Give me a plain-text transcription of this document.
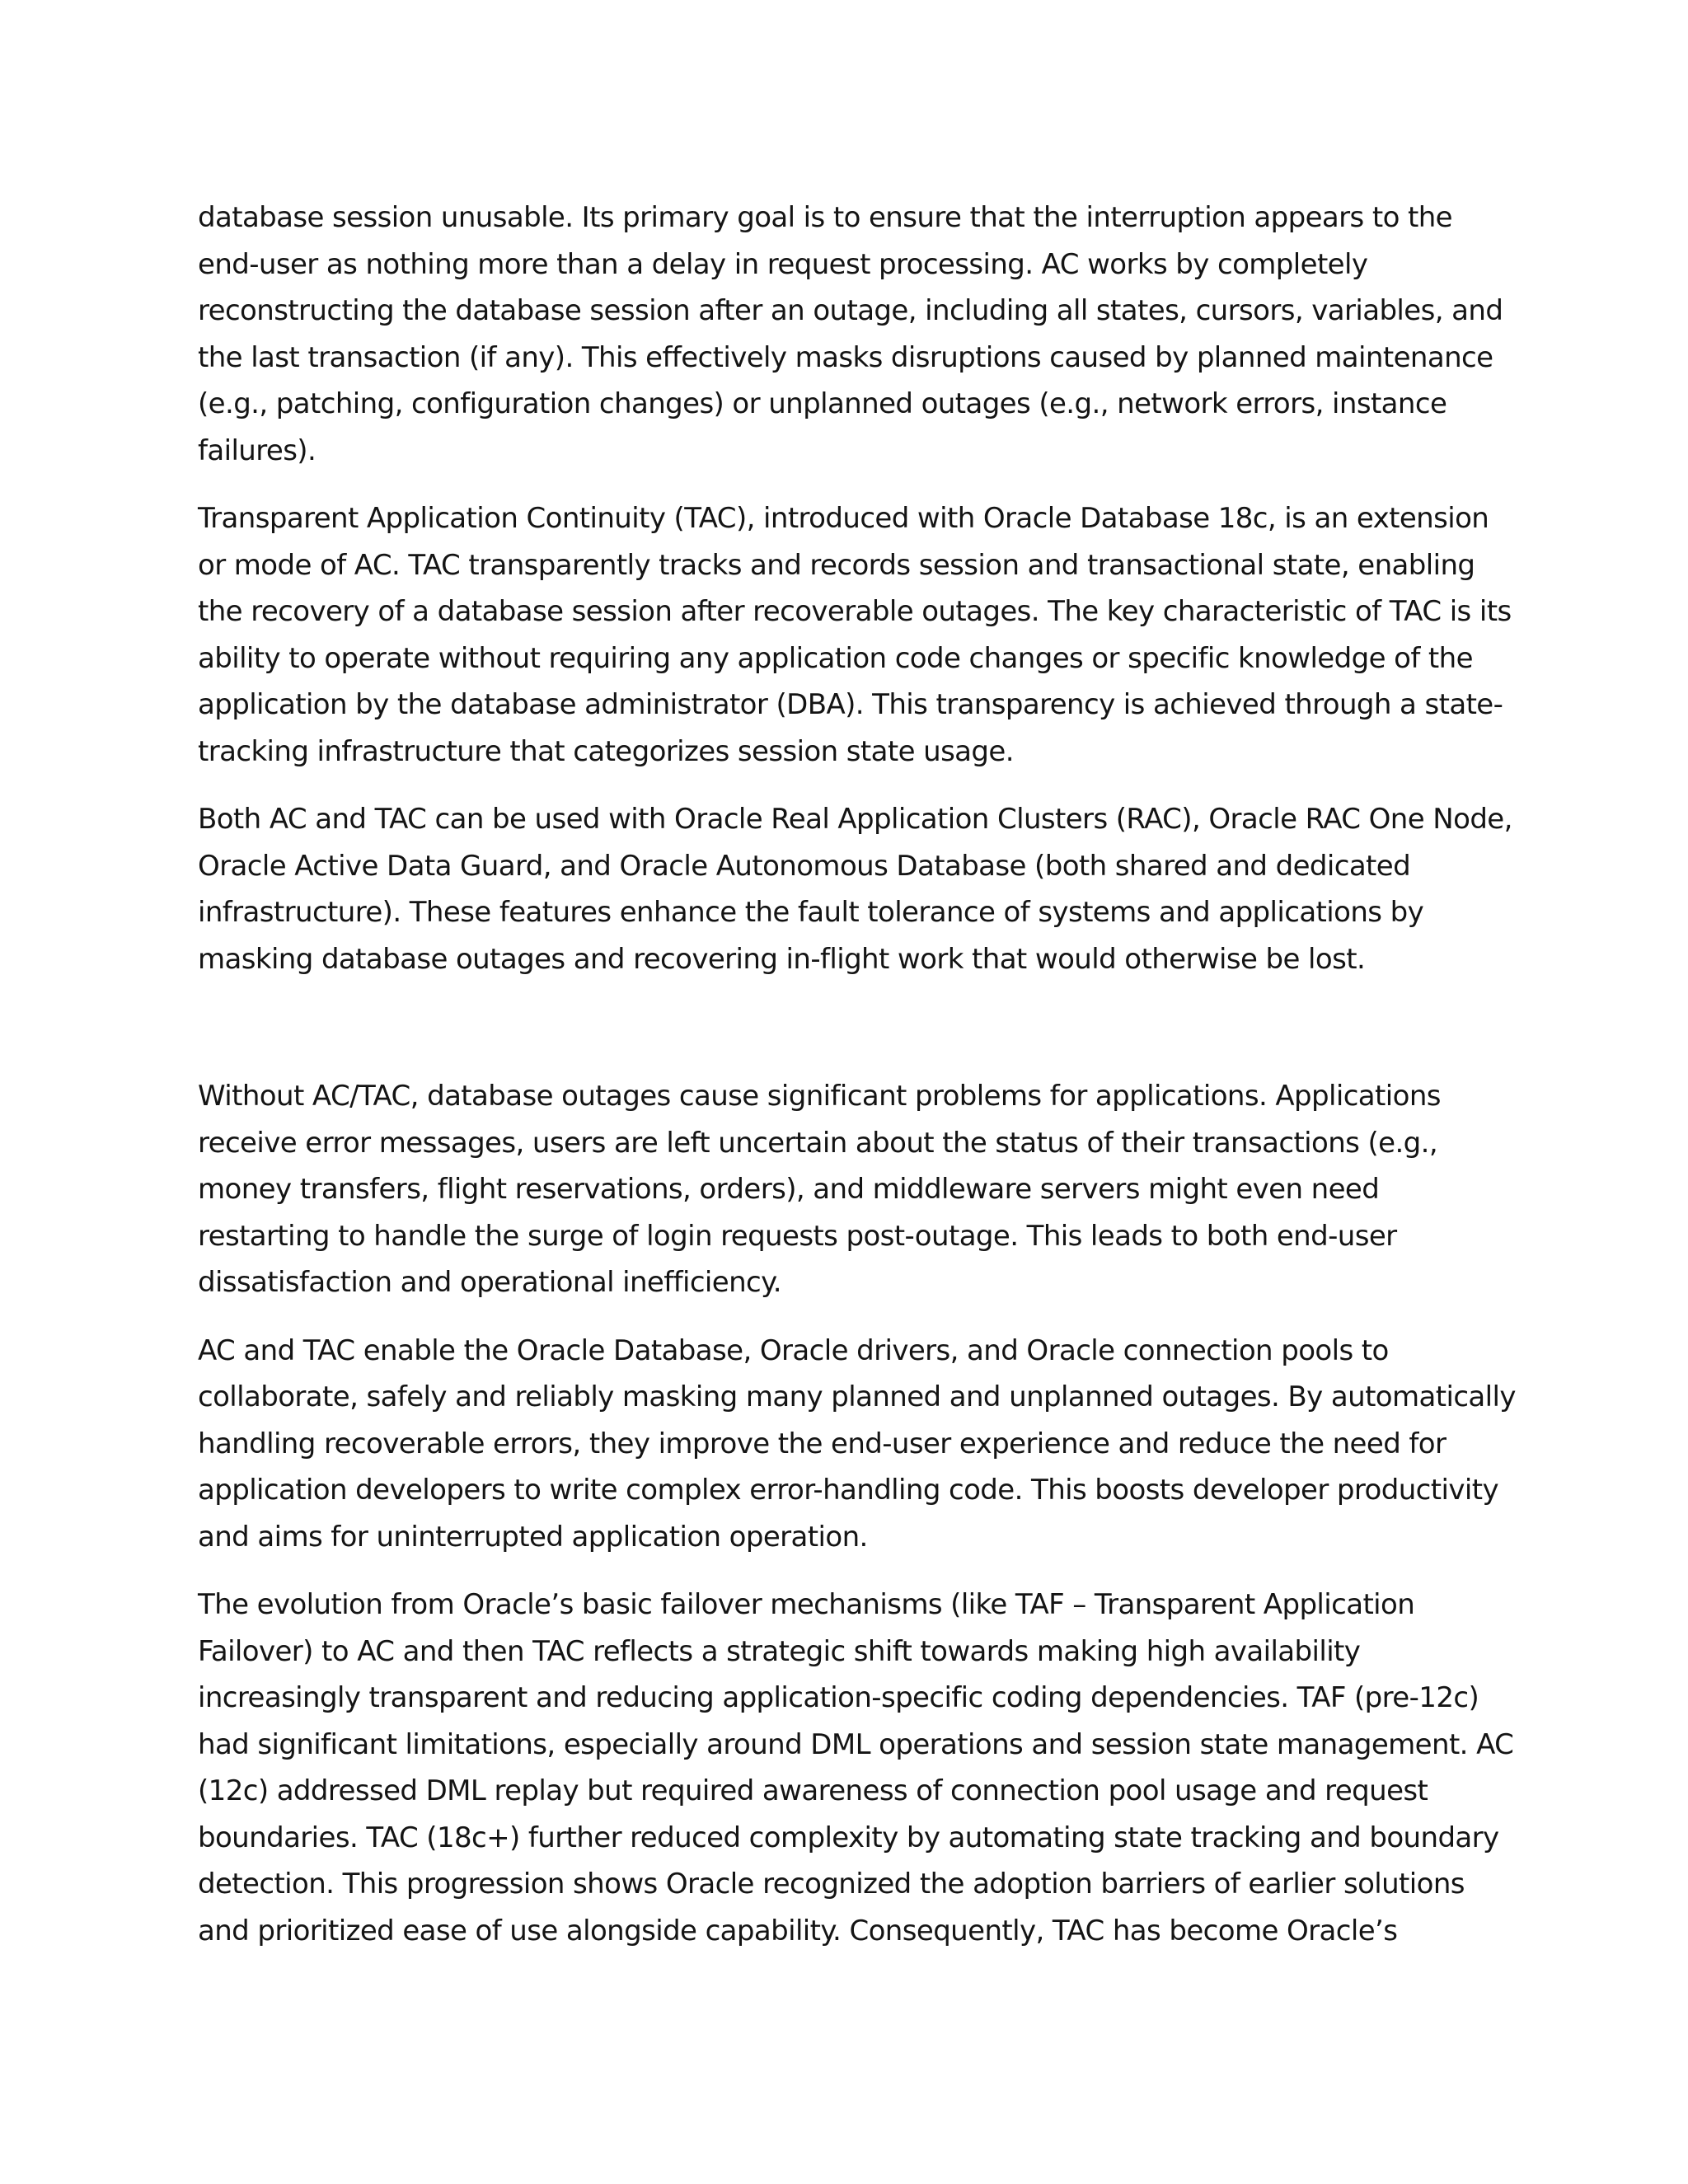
database session unusable. Its primary goal is to ensure that the interruption appears to the
end-user as nothing more than a delay in request processing. AC works by completely
reconstructing the database session after an outage, including all states, cursors, variables, and
the last transaction (if any). This effectively masks disruptions caused by planned maintenance
(e.g., patching, configuration changes) or unplanned outages (e.g., network errors, instance
failures).

Transparent Application Continuity (TAC), introduced with Oracle Database 18c, is an extension
or mode of AC. TAC transparently tracks and records session and transactional state, enabling
the recovery of a database session after recoverable outages. The key characteristic of TAC is its
ability to operate without requiring any application code changes or specific knowledge of the
application by the database administrator (DBA). This transparency is achieved through a state-
tracking infrastructure that categorizes session state usage.

Both AC and TAC can be used with Oracle Real Application Clusters (RAC), Oracle RAC One Node,
Oracle Active Data Guard, and Oracle Autonomous Database (both shared and dedicated
infrastructure). These features enhance the fault tolerance of systems and applications by
masking database outages and recovering in-flight work that would otherwise be lost.

Without AC/TAC, database outages cause significant problems for applications. Applications
receive error messages, users are left uncertain about the status of their transactions (e.g.,
money transfers, flight reservations, orders), and middleware servers might even need
restarting to handle the surge of login requests post-outage. This leads to both end-user
dissatisfaction and operational inefficiency.

AC and TAC enable the Oracle Database, Oracle drivers, and Oracle connection pools to
collaborate, safely and reliably masking many planned and unplanned outages. By automatically
handling recoverable errors, they improve the end-user experience and reduce the need for
application developers to write complex error-handling code. This boosts developer productivity
and aims for uninterrupted application operation.

The evolution from Oracle’s basic failover mechanisms (like TAF – Transparent Application
Failover) to AC and then TAC reflects a strategic shift towards making high availability
increasingly transparent and reducing application-specific coding dependencies. TAF (pre-12c)
had significant limitations, especially around DML operations and session state management. AC
(12c) addressed DML replay but required awareness of connection pool usage and request
boundaries. TAC (18c+) further reduced complexity by automating state tracking and boundary
detection. This progression shows Oracle recognized the adoption barriers of earlier solutions
and prioritized ease of use alongside capability. Consequently, TAC has become Oracle’s
